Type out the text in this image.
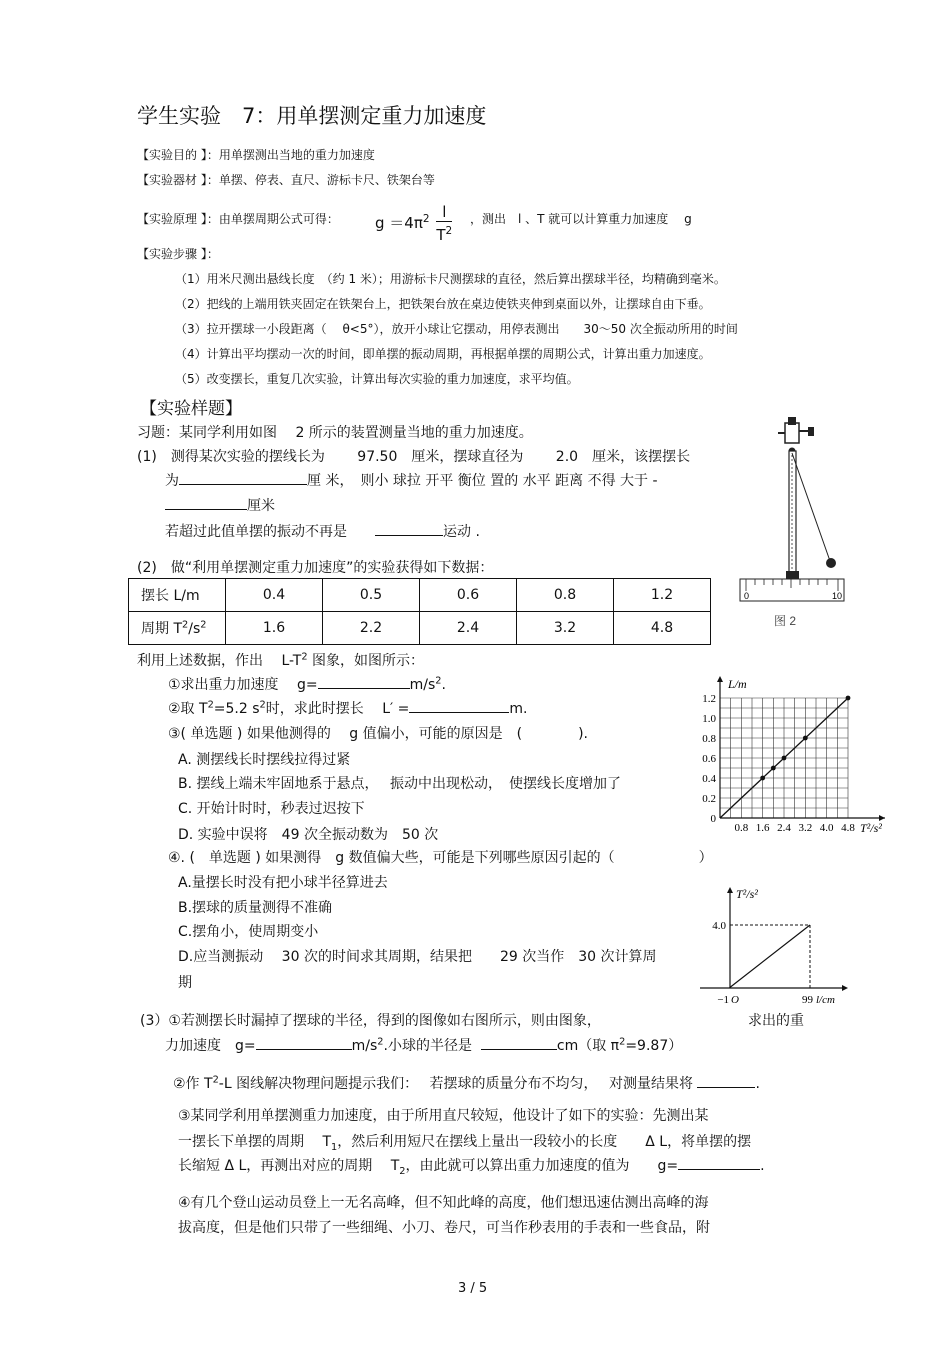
学生实验　7：用单摆测定重力加速度
【实验目的 】：用单摆测出当地的重力加速度
【实验器材 】：单摆、停表、直尺、游标卡尺、铁架台等
【实验原理 】：由单摆周期公式可得： $g =4\pi^2 \frac{l}{T^2}$ ，测出　l 、T 就可以计算重力加速度　 g
【实验步骤 】：
（1）用米尺测出悬线长度　（约 1 米）；用游标卡尺测摆球的直径，然后算出摆球半径，均精确到毫米。
（2）把线的上端用铁夹固定在铁架台上，把铁架台放在桌边使铁夹伸到桌面以外，让摆球自由下垂。
（3）拉开摆球一小段距离（　 θ<5°），放开小球让它摆动，用停表测出　　30～50 次全振动所用的时间
（4）计算出平均摆动一次的时间，即单摆的振动周期，再根据单摆的周期公式，计算出重力加速度。
（5）改变摆长，重复几次实验，计算出每次实验的重力加速度，求平均值。
【实验样题】
习题：某同学利用如图　 2 所示的装置测量当地的重力加速度。
(1)　测得某次实验的摆线长为　　 97.50　厘米，摆球直径为　　 2.0　厘米，该摆摆长
为	厘 米，　则小 球拉 开平 衡位 置的 水平 距离 不得 大于 -
厘米
若超过此值单摆的振动不再是　　	运动 .
(2)　做“利用单摆测定重力加速度”的实验获得如下数据：
摆长 L/m	0.4	0.5	0.6	0.8	1.2
周期 $T^2/s^2$	1.6	2.2	2.4	3.2	4.8
利用上述数据，作出　 $L-T^2$ 图象，如图所示：
①求出重力加速度　 g=	$m/s^2$.
②取 $T^2=5.2$ $s^2$时，求此时摆长　 L′ =	m.
③( 单选题 ) 如果他测得的　 g 值偏小，可能的原因是　(　　　　).
A. 测摆线长时摆线拉得过紧
B. 摆线上端未牢固地系于悬点，　 振动中出现松动，　使摆线长度增加了
C. 开始计时时，秒表过迟按下
D. 实验中误将　49 次全振动数为　50 次
④. (　单选题 ) 如果测得　g 数值偏大些，可能是下列哪些原因引起的（　　　　　　）
A.量摆长时没有把小球半径算进去
B.摆球的质量测得不准确
C.摆角小，使周期变小
D.应当测振动　 30 次的时间求其周期，结果把　　29 次当作　30 次计算周
期
(3）①若测摆长时漏掉了摆球的半径，得到的图像如右图所示，则由图象，	求出的重
力加速度　g=	$m/s^2$.小球的半径是	cm（取 $\pi^2=9.87$）
②作 $T^2-L$ 图线解决物理问题提示我们：　 若摆球的质量分布不均匀，　 对测量结果将	.
③某同学利用单摆测重力加速度，由于所用直尺较短，他设计了如下的实验：先测出某
一摆长下单摆的周期　 $T_1$，然后利用短尺在摆线上量出一段较小的长度　　Δ L，将单摆的摆
长缩短 Δ L，再测出对应的周期　 $T_2$，由此就可以算出重力加速度的值为　　g=	.
④有几个登山运动员登上一无名高峰，但不知此峰的高度，他们想迅速估测出高峰的海
拔高度，但是他们只带了一些细绳、小刀、卷尺，可当作秒表用的手表和一些食品，附
0	10
图 2
0.2
0.4
0.6
0.8
1.0
1.2
0.8 1.6 2.4 3.2 4.0 4.8
0
L/m
T²/s²
4.0
T²/s²
−1 O	99 l/cm
3 / 5
